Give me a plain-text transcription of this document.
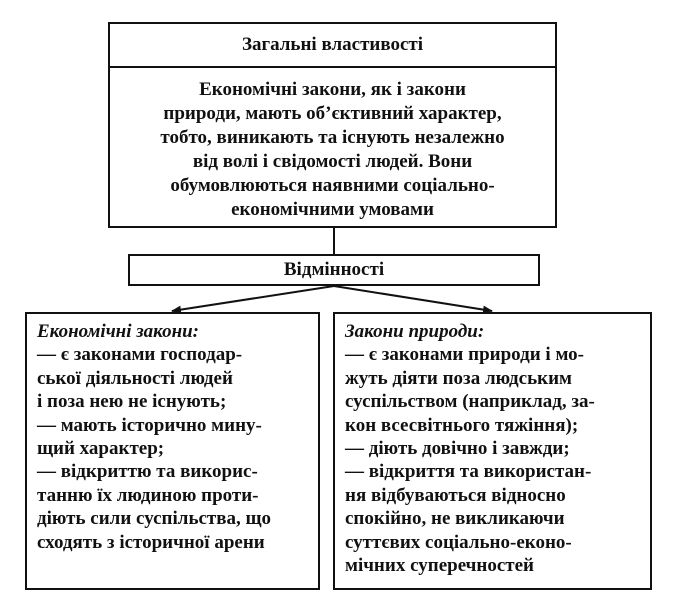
Загальні властивості
Економічні закони, як і закони
природи, мають об’єктивний характер,
тобто, виникають та існують незалежно
від волі і свідомості людей. Вони
обумовлюються наявними соціально-
економічними умовами
Відмінності
Економічні закони:
— є законами господар-
ської діяльності людей
і поза нею не існують;
— мають історично мину-
щий характер;
— відкриттю та викорис-
танню їх людиною проти-
діють сили суспільства, що
сходять з історичної арени
Закони природи:
— є законами природи і мо-
жуть діяти поза людським
суспільством (наприклад, за-
кон всесвітнього тяжіння);
— діють довічно і завжди;
— відкриття та використан-
ня відбуваються відносно
спокійно, не викликаючи
суттєвих соціально-еконо-
мічних суперечностей
